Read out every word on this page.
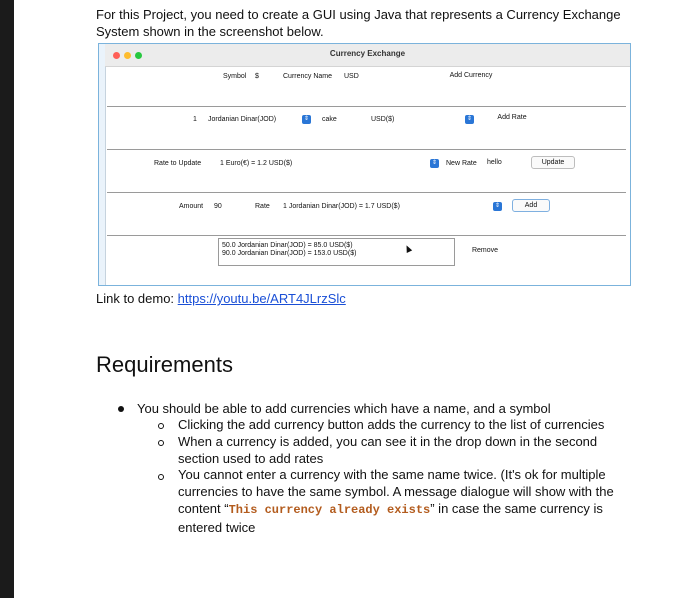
For this Project, you need to create a GUI using Java that represents a Currency Exchange System shown in the screenshot below.
Currency Exchange
Symbol	$	Currency Name	USD	Add Currency
1 Jordanian Dinar(JOD)	⇕ cake	USD($)	⇕	Add Rate
Rate to Update	1 Euro(€) = 1.2 USD($)	⇕ New Rate	hello	Update
Amount	90	Rate 1 Jordanian Dinar(JOD) = 1.7 USD($)	⇕	Add
50.0 Jordanian Dinar(JOD) = 85.0 USD($)
90.0 Jordanian Dinar(JOD) = 153.0 USD($)	Remove
Link to demo: https://youtu.be/ART4JLrzSlc
Requirements
You should be able to add currencies which have a name, and a symbol
Clicking the add currency button adds the currency to the list of currencies
When a currency is added, you can see it in the drop down in the second section used to add rates
You cannot enter a currency with the same name twice. (It's ok for multiple currencies to have the same symbol. A message dialogue will show with the content “This currency already exists” in case the same currency is entered twice
